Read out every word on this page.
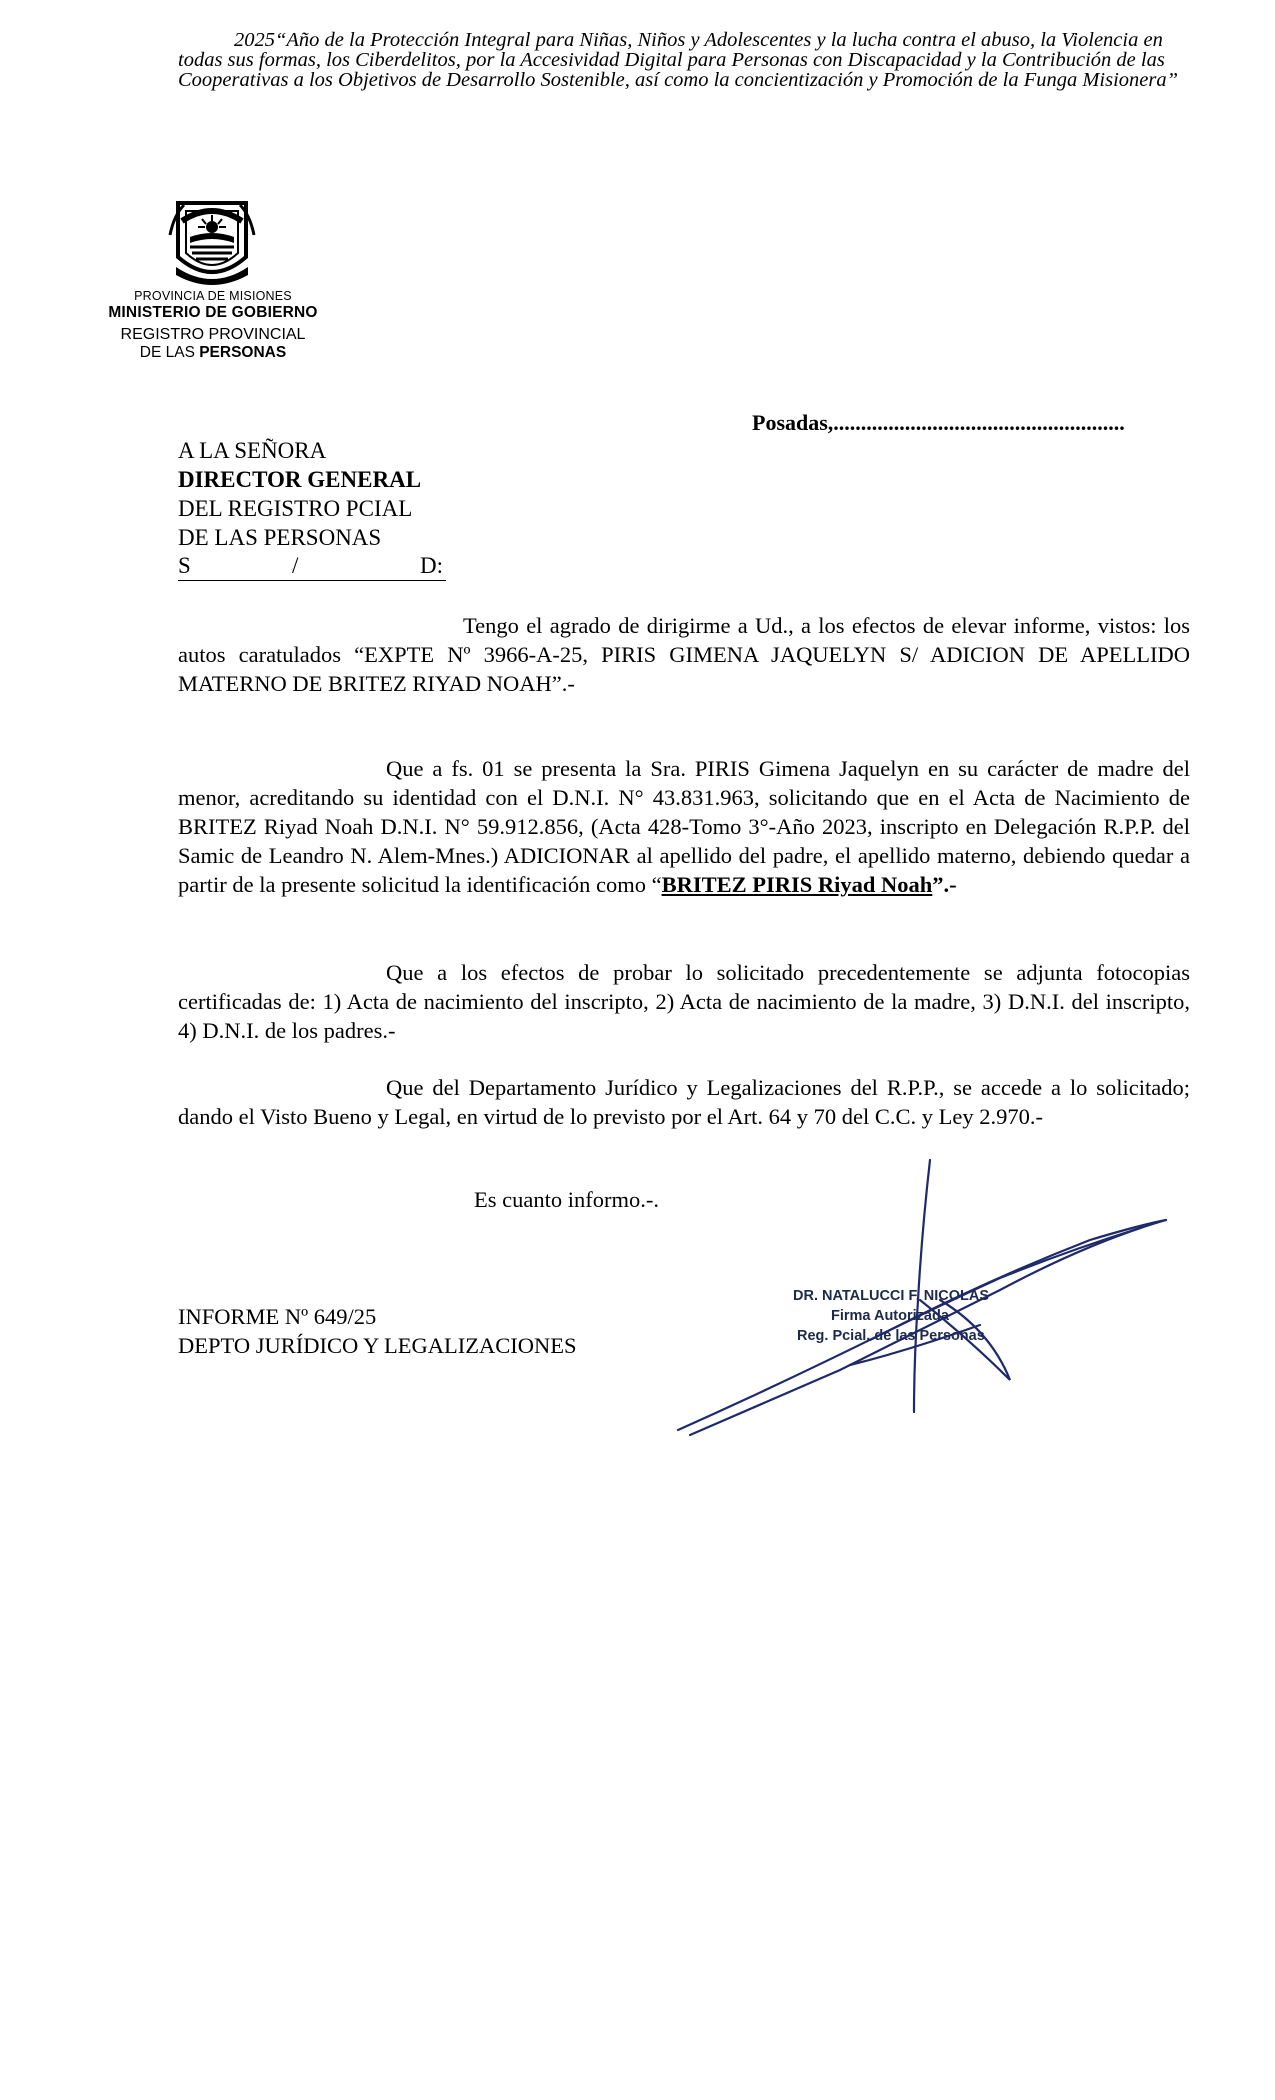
2025“Año de la Protección Integral para Niñas, Niños y Adolescentes y la lucha contra el abuso, la Violencia en todas sus formas, los Ciberdelitos, por la Accesividad Digital para Personas con Discapacidad y la Contribución de las Cooperativas a los Objetivos de Desarrollo Sostenible, así como la concientización y Promoción de la Funga Misionera”
PROVINCIA DE MISIONES
MINISTERIO DE GOBIERNO
REGISTRO PROVINCIAL
DE LAS PERSONAS
Posadas,.....................................................
A LA SEÑORA
DIRECTOR GENERAL
DEL REGISTRO PCIAL
DE LAS PERSONAS
S	/	D:
Tengo el agrado de dirigirme a Ud., a los efectos de elevar informe, vistos: los autos caratulados “EXPTE Nº 3966-A-25, PIRIS GIMENA JAQUELYN S/ ADICION DE APELLIDO MATERNO DE BRITEZ RIYAD NOAH”.-
Que a fs. 01 se presenta la Sra. PIRIS Gimena Jaquelyn en su carácter de madre del menor, acreditando su identidad con el D.N.I. N° 43.831.963, solicitando que en el Acta de Nacimiento de BRITEZ Riyad Noah D.N.I. N° 59.912.856, (Acta 428-Tomo 3°-Año 2023, inscripto en Delegación R.P.P. del Samic de Leandro N. Alem-Mnes.) ADICIONAR al apellido del padre, el apellido materno, debiendo quedar a partir de la presente solicitud la identificación como “BRITEZ PIRIS Riyad Noah”.-
Que a los efectos de probar lo solicitado precedentemente se adjunta fotocopias certificadas de: 1) Acta de nacimiento del inscripto, 2) Acta de nacimiento de la madre, 3) D.N.I. del inscripto, 4) D.N.I. de los padres.-
Que del Departamento Jurídico y Legalizaciones del R.P.P., se accede a lo solicitado; dando el Visto Bueno y Legal, en virtud de lo previsto por el Art. 64 y 70 del C.C. y Ley 2.970.-
Es cuanto informo.-.
INFORME Nº 649/25
DEPTO JURÍDICO Y LEGALIZACIONES
DR. NATALUCCI F. NICOLAS
Firma Autorizada
Reg. Pcial. de las Personas
